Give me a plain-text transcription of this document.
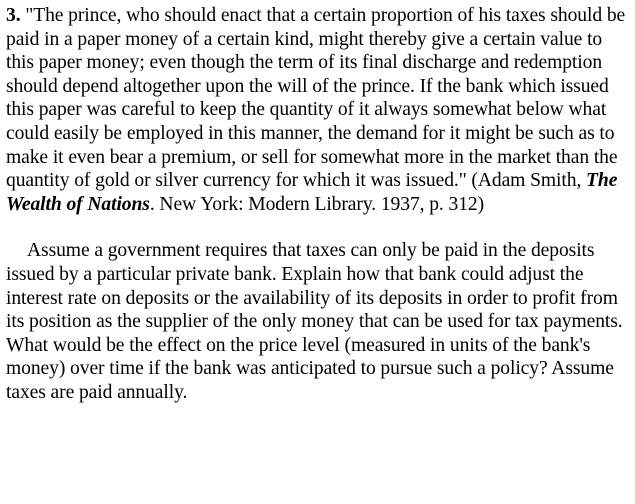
3. "The prince, who should enact that a certain proportion of his taxes should be paid in a paper money of a certain kind, might thereby give a certain value to this paper money; even though the term of its final discharge and redemption should depend altogether upon the will of the prince. If the bank which issued this paper was careful to keep the quantity of it always somewhat below what could easily be employed in this manner, the demand for it might be such as to make it even bear a premium, or sell for somewhat more in the market than the quantity of gold or silver currency for which it was issued." (Adam Smith, The Wealth of Nations. New York: Modern Library. 1937, p. 312)

Assume a government requires that taxes can only be paid in the deposits issued by a particular private bank. Explain how that bank could adjust the interest rate on deposits or the availability of its deposits in order to profit from its position as the supplier of the only money that can be used for tax payments. What would be the effect on the price level (measured in units of the bank's money) over time if the bank was anticipated to pursue such a policy? Assume taxes are paid annually.
